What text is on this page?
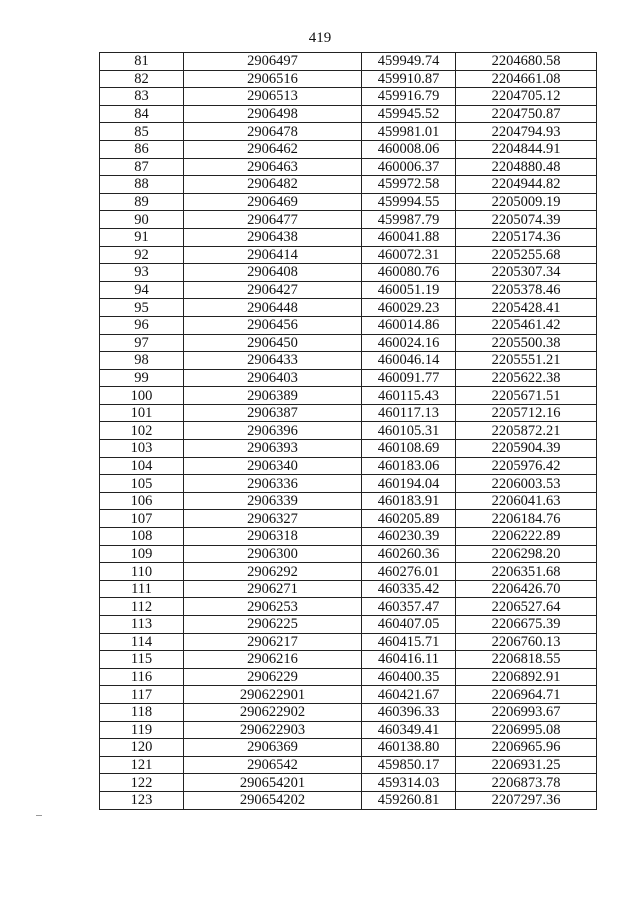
419
81	2906497	459949.74	2204680.58
82	2906516	459910.87	2204661.08
83	2906513	459916.79	2204705.12
84	2906498	459945.52	2204750.87
85	2906478	459981.01	2204794.93
86	2906462	460008.06	2204844.91
87	2906463	460006.37	2204880.48
88	2906482	459972.58	2204944.82
89	2906469	459994.55	2205009.19
90	2906477	459987.79	2205074.39
91	2906438	460041.88	2205174.36
92	2906414	460072.31	2205255.68
93	2906408	460080.76	2205307.34
94	2906427	460051.19	2205378.46
95	2906448	460029.23	2205428.41
96	2906456	460014.86	2205461.42
97	2906450	460024.16	2205500.38
98	2906433	460046.14	2205551.21
99	2906403	460091.77	2205622.38
100	2906389	460115.43	2205671.51
101	2906387	460117.13	2205712.16
102	2906396	460105.31	2205872.21
103	2906393	460108.69	2205904.39
104	2906340	460183.06	2205976.42
105	2906336	460194.04	2206003.53
106	2906339	460183.91	2206041.63
107	2906327	460205.89	2206184.76
108	2906318	460230.39	2206222.89
109	2906300	460260.36	2206298.20
110	2906292	460276.01	2206351.68
111	2906271	460335.42	2206426.70
112	2906253	460357.47	2206527.64
113	2906225	460407.05	2206675.39
114	2906217	460415.71	2206760.13
115	2906216	460416.11	2206818.55
116	2906229	460400.35	2206892.91
117	290622901	460421.67	2206964.71
118	290622902	460396.33	2206993.67
119	290622903	460349.41	2206995.08
120	2906369	460138.80	2206965.96
121	2906542	459850.17	2206931.25
122	290654201	459314.03	2206873.78
123	290654202	459260.81	2207297.36
